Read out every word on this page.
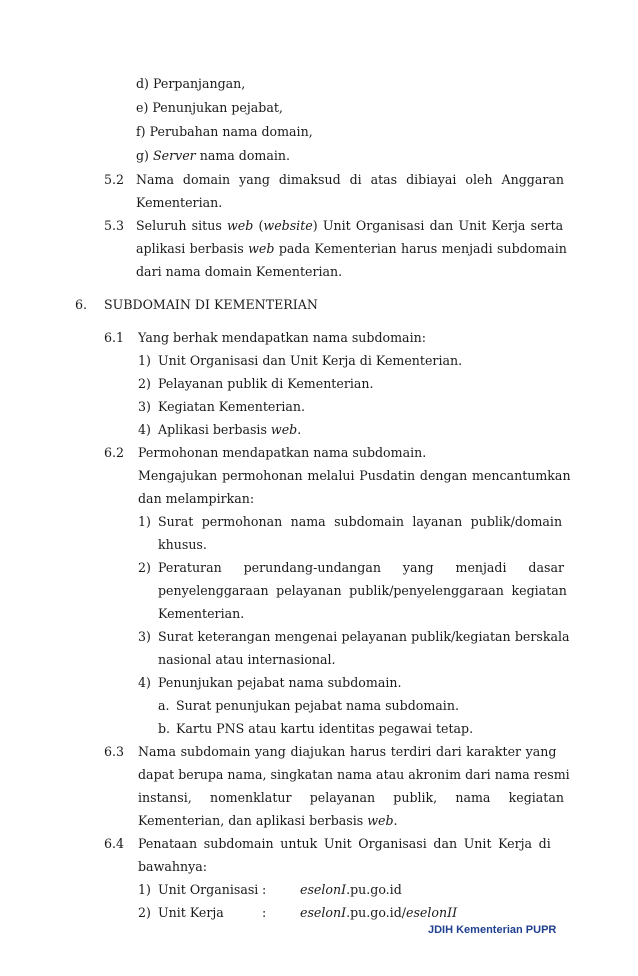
d) Perpanjangan,
e) Penunjukan pejabat,
f) Perubahan nama domain,
g) Server nama domain.
5.2 Nama domain yang dimaksud di atas dibiayai oleh Anggaran
Kementerian.
5.3 Seluruh situs web (website) Unit Organisasi dan Unit Kerja serta
aplikasi berbasis web pada Kementerian harus menjadi subdomain
dari nama domain Kementerian.
6. SUBDOMAIN DI KEMENTERIAN
6.1 Yang berhak mendapatkan nama subdomain:
1) Unit Organisasi dan Unit Kerja di Kementerian.
2) Pelayanan publik di Kementerian.
3) Kegiatan Kementerian.
4) Aplikasi berbasis web.
6.2 Permohonan mendapatkan nama subdomain.
Mengajukan permohonan melalui Pusdatin dengan mencantumkan
dan melampirkan:
1) Surat permohonan nama subdomain layanan publik/domain
khusus.
2) Peraturan perundang-undangan yang menjadi dasar
penyelenggaraan pelayanan publik/penyelenggaraan kegiatan
Kementerian.
3) Surat keterangan mengenai pelayanan publik/kegiatan berskala
nasional atau internasional.
4) Penunjukan pejabat nama subdomain.
a. Surat penunjukan pejabat nama subdomain.
b. Kartu PNS atau kartu identitas pegawai tetap.
6.3 Nama subdomain yang diajukan harus terdiri dari karakter yang
dapat berupa nama, singkatan nama atau akronim dari nama resmi
instansi, nomenklatur pelayanan publik, nama kegiatan
Kementerian, dan aplikasi berbasis web.
6.4 Penataan subdomain untuk Unit Organisasi dan Unit Kerja di
bawahnya:
1) Unit Organisasi :	eselonI.pu.go.id
2) Unit Kerja	:	eselonI.pu.go.id/eselonII
JDIH Kementerian PUPR
